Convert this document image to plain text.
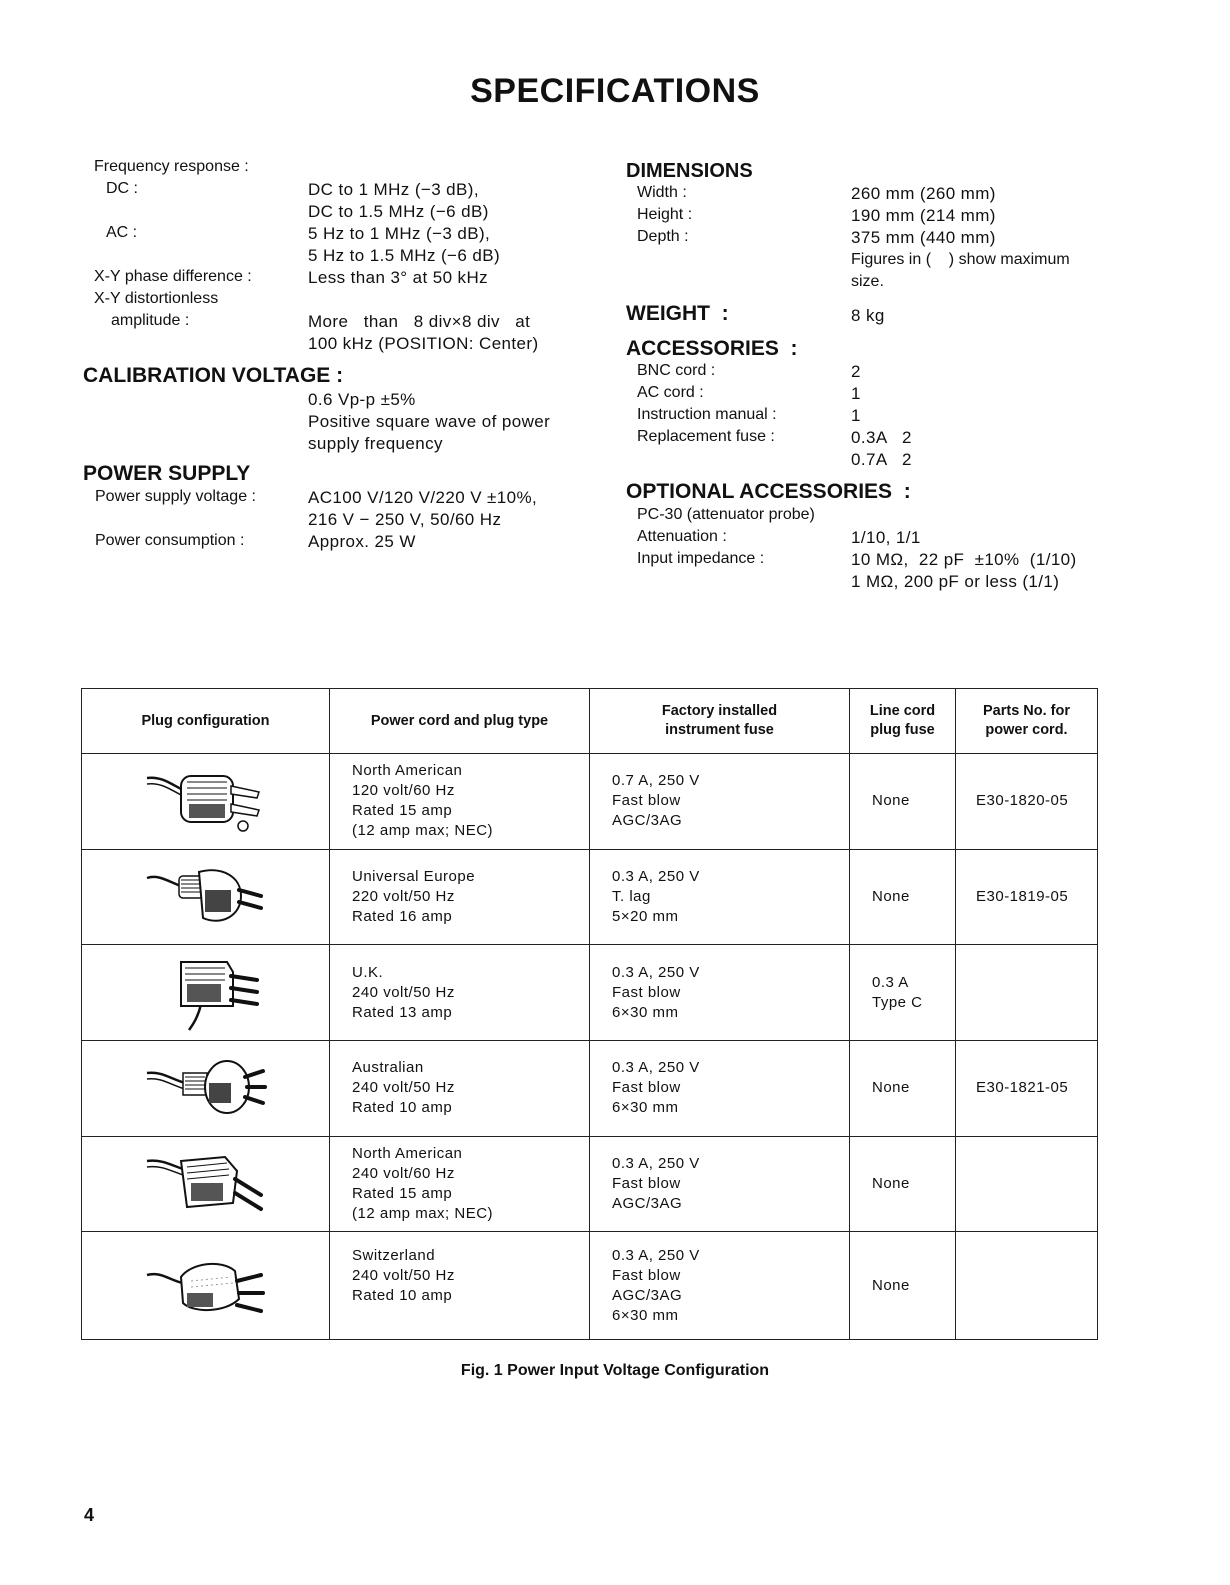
SPECIFICATIONS
Frequency response :
DC :	DC to 1 MHz (−3 dB),
DC to 1.5 MHz (−6 dB)
AC :	5 Hz to 1 MHz (−3 dB),
5 Hz to 1.5 MHz (−6 dB)
X-Y phase difference :	Less than 3° at 50 kHz
X-Y distortionless
amplitude :	More   than   8 div×8 div   at
100 kHz (POSITION: Center)
CALIBRATION VOLTAGE :
0.6 Vp-p ±5%
Positive square wave of power
supply frequency
POWER SUPPLY
Power supply voltage :	AC100 V/120 V/220 V ±10%,
216 V − 250 V, 50/60 Hz
Power consumption :	Approx. 25 W
DIMENSIONS
Width :	260 mm (260 mm)
Height :	190 mm (214 mm)
Depth :	375 mm (440 mm)
Figures in (    ) show maximum
size.
WEIGHT  :	8 kg
ACCESSORIES  :
BNC cord :	2
AC cord :	1
Instruction manual :	1
Replacement fuse :	0.3A   2
0.7A   2
OPTIONAL ACCESSORIES  :
PC-30 (attenuator probe)
Attenuation :	1/10, 1/1
Input impedance :	10 MΩ,  22 pF  ±10%  (1/10)
1 MΩ, 200 pF or less (1/1)
Plug configuration	Power cord and plug type	Factory installed
instrument fuse	Line cord
plug fuse	Parts No. for
power cord.

North American
120 volt/60 Hz
Rated 15 amp
(12 amp max; NEC)	0.7 A, 250 V
Fast blow
AGC/3AG	None	E30-1820-05

Universal Europe
220 volt/50 Hz
Rated 16 amp	0.3 A, 250 V
T. lag
5×20 mm	None	E30-1819-05

U.K.
240 volt/50 Hz
Rated 13 amp	0.3 A, 250 V
Fast blow
6×30 mm	0.3 A
Type C	

Australian
240 volt/50 Hz
Rated 10 amp	0.3 A, 250 V
Fast blow
6×30 mm	None	E30-1821-05

North American
240 volt/60 Hz
Rated 15 amp
(12 amp max; NEC)	0.3 A, 250 V
Fast blow
AGC/3AG	None	

Switzerland
240 volt/50 Hz
Rated 10 amp	0.3 A, 250 V
Fast blow
AGC/3AG
6×30 mm	None	

Fig. 1 Power Input Voltage Configuration
4
